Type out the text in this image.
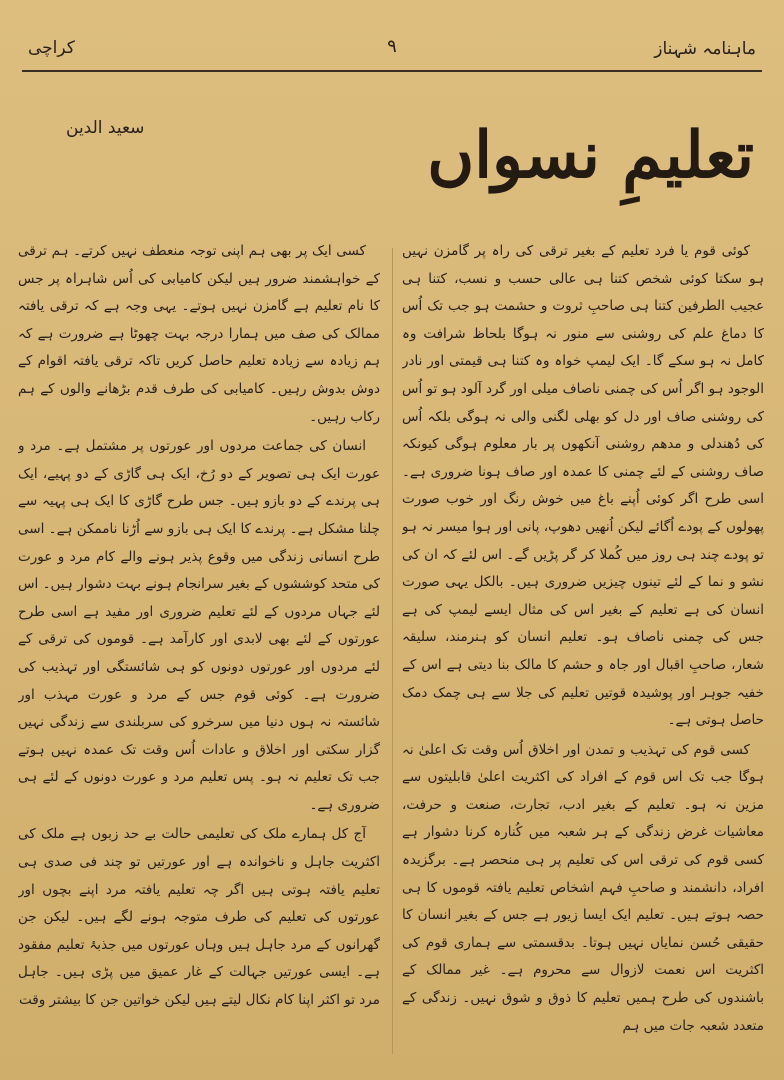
ماہنامہ شہناز
۹
کراچی
تعلیمِ نسواں
سعید الدین

کوئی قوم یا فرد تعلیم کے بغیر ترقی کی راہ پر گامزن نہیں ہو سکتا کوئی شخص کتنا ہی عالی حسب و نسب، کتنا ہی عجیب الطرفین کتنا ہی صاحبِ ثروت و حشمت ہو جب تک اُس کا دماغ علم کی روشنی سے منور نہ ہوگا بلحاظ شرافت وہ کامل نہ ہو سکے گا۔ ایک لیمپ خواہ وہ کتنا ہی قیمتی اور نادر الوجود ہو اگر اُس کی چمنی ناصاف میلی اور گرد آلود ہو تو اُس کی روشنی صاف اور دل کو بھلی لگنی والی نہ ہوگی بلکہ اُس کی دُھندلی و مدھم روشنی آنکھوں پر بار معلوم ہوگی کیونکہ صاف روشنی کے لئے چمنی کا عمدہ اور صاف ہونا ضروری ہے۔ اسی طرح اگر کوئی اُپنے باغ میں خوش رنگ اور خوب صورت پھولوں کے پودے اُگائے لیکن اُنھیں دھوپ، پانی اور ہوا میسر نہ ہو تو پودے چند ہی روز میں کُملا کر گر پڑیں گے۔ اس لئے کہ ان کی نشو و نما کے لئے تینوں چیزیں ضروری ہیں۔ بالکل یہی صورت انسان کی ہے تعلیم کے بغیر اس کی مثال ایسے لیمپ کی ہے جس کی چمنی ناصاف ہو۔ تعلیم انسان کو ہنرمند، سلیقہ شعار، صاحبِ اقبال اور جاہ و حشم کا مالک بنا دیتی ہے اس کے خفیہ جوہر اور پوشیدہ قوتیں تعلیم کی جلا سے ہی چمک دمک حاصل ہوتی ہے۔

کسی قوم کی تہذیب و تمدن اور اخلاق اُس وقت تک اعلیٰ نہ ہوگا جب تک اس قوم کے افراد کی اکثریت اعلیٰ قابلیتوں سے مزین نہ ہو۔ تعلیم کے بغیر ادب، تجارت، صنعت و حرفت، معاشیات غرض زندگی کے ہر شعبہ میں کُنارہ کرنا دشوار ہے کسی قوم کی ترقی اس کی تعلیم پر ہی منحصر ہے۔ برگزیدہ افراد، دانشمند و صاحبِ فہم اشخاص تعلیم یافتہ قوموں کا ہی حصہ ہوتے ہیں۔ تعلیم ایک ایسا زیور ہے جس کے بغیر انسان کا حقیقی حُسن نمایاں نہیں ہوتا۔ بدقسمتی سے ہماری قوم کی اکثریت اس نعمت لازوال سے محروم ہے۔ غیر ممالک کے باشندوں کی طرح ہمیں تعلیم کا ذوق و شوق نہیں۔ زندگی کے متعدد شعبہ جات میں ہم

کسی ایک پر بھی ہم اپنی توجہ منعطف نہیں کرتے۔ ہم ترقی کے خواہشمند ضرور ہیں لیکن کامیابی کی اُس شاہراہ پر جس کا نام تعلیم ہے گامزن نہیں ہوتے۔ یہی وجہ ہے کہ ترقی یافتہ ممالک کی صف میں ہمارا درجہ بہت چھوٹا ہے ضرورت ہے کہ ہم زیادہ سے زیادہ تعلیم حاصل کریں تاکہ ترقی یافتہ اقوام کے دوش بدوش رہیں۔ کامیابی کی طرف قدم بڑھانے والوں کے ہم رکاب رہیں۔

انسان کی جماعت مردوں اور عورتوں پر مشتمل ہے۔ مرد و عورت ایک ہی تصویر کے دو رُخ، ایک ہی گاڑی کے دو پہیے، ایک ہی پرندے کے دو بازو ہیں۔ جس طرح گاڑی کا ایک ہی پہیہ سے چلنا مشکل ہے۔ پرندے کا ایک ہی بازو سے اُڑنا ناممکن ہے۔ اسی طرح انسانی زندگی میں وقوع پذیر ہونے والے کام مرد و عورت کی متحد کوششوں کے بغیر سرانجام ہونے بہت دشوار ہیں۔ اس لئے جہاں مردوں کے لئے تعلیم ضروری اور مفید ہے اسی طرح عورتوں کے لئے بھی لابدی اور کارآمد ہے۔ قوموں کی ترقی کے لئے مردوں اور عورتوں دونوں کو ہی شائستگی اور تہذیب کی ضرورت ہے۔ کوئی قوم جس کے مرد و عورت مہذب اور شائستہ نہ ہوں دنیا میں سرخرو کی سربلندی سے زندگی نہیں گزار سکتی اور اخلاق و عادات اُس وقت تک عمدہ نہیں ہوتے جب تک تعلیم نہ ہو۔ پس تعلیم مرد و عورت دونوں کے لئے ہی ضروری ہے۔

آج کل ہمارے ملک کی تعلیمی حالت بے حد زبوں ہے ملک کی اکثریت جاہل و ناخواندہ ہے اور عورتیں تو چند فی صدی ہی تعلیم یافتہ ہوتی ہیں اگر چہ تعلیم یافتہ مرد اپنے بچوں اور عورتوں کی تعلیم کی طرف متوجہ ہونے لگے ہیں۔ لیکن جن گھرانوں کے مرد جاہل ہیں وہاں عورتوں میں جذبۂ تعلیم مفقود ہے۔ ایسی عورتیں جہالت کے غار عمیق میں پڑی ہیں۔ جاہل مرد تو اکثر اپنا کام نکال لیتے ہیں لیکن خواتین جن کا بیشتر وقت
